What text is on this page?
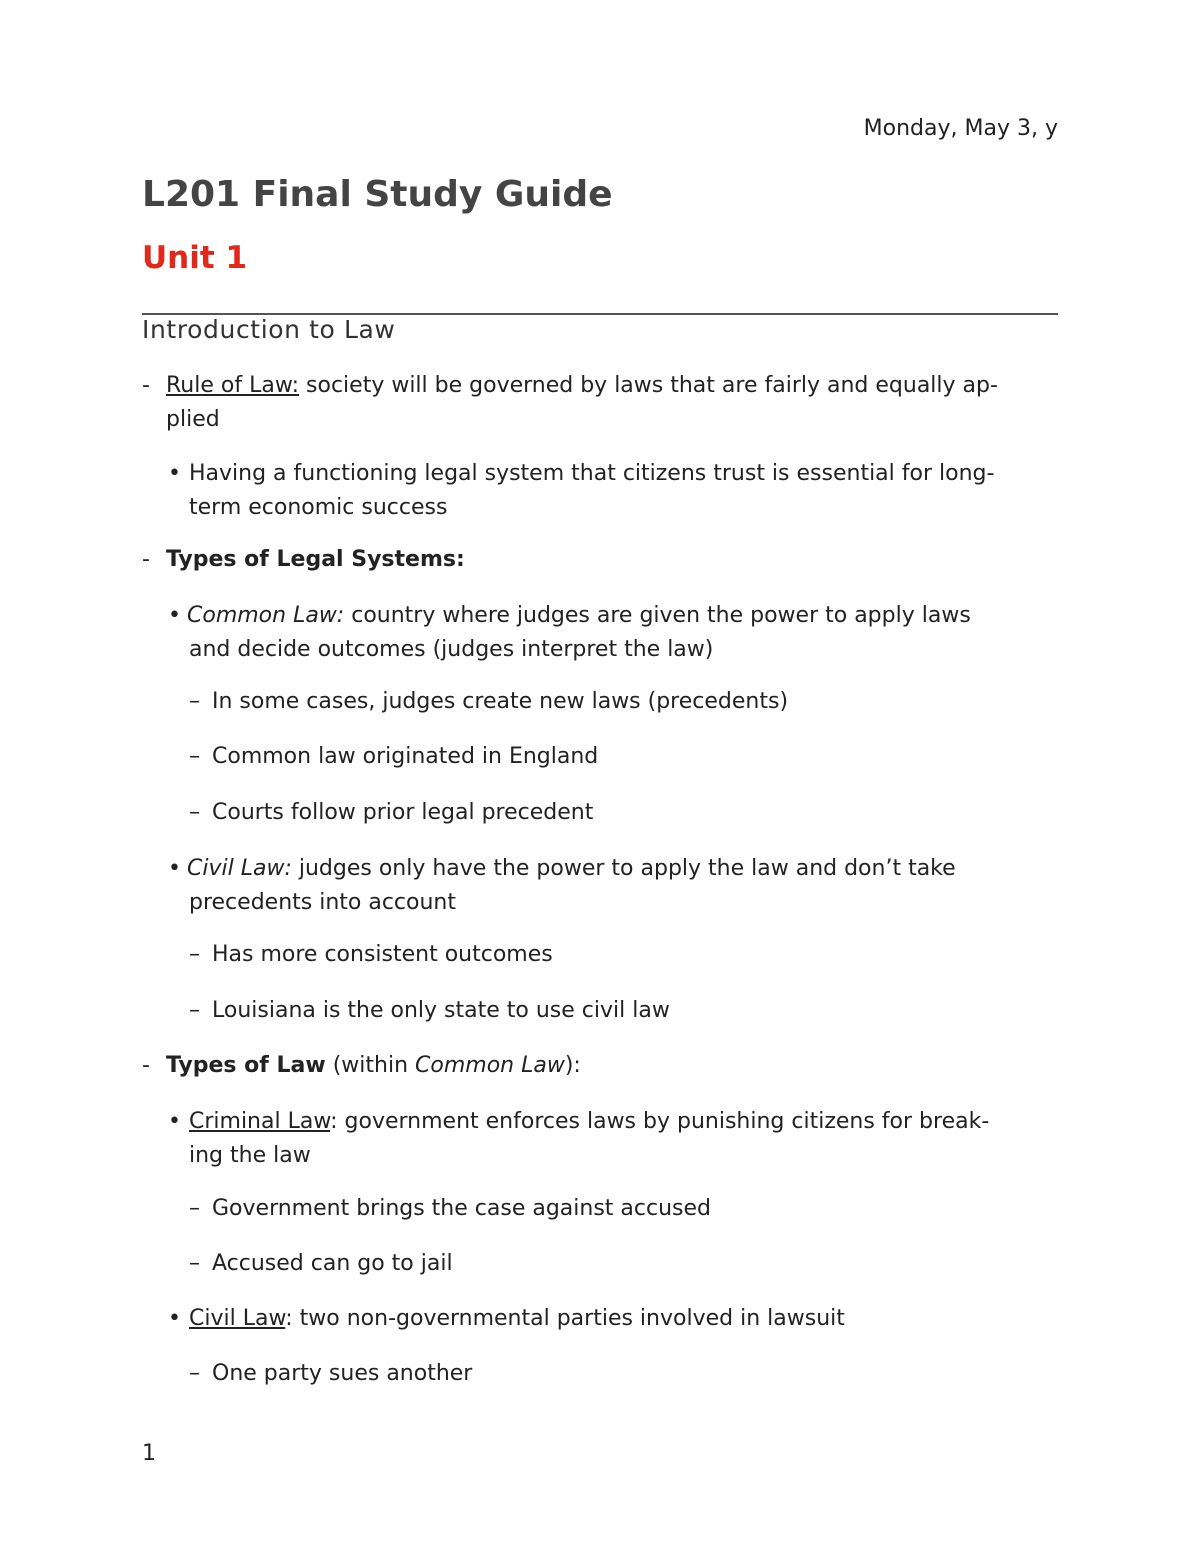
Monday, May 3, y
L201 Final Study Guide
Unit 1
Introduction to Law
- Rule of Law: society will be governed by laws that are fairly and equally ap-
plied
• Having a functioning legal system that citizens trust is essential for long-
term economic success
- Types of Legal Systems:
• Common Law: country where judges are given the power to apply laws
and decide outcomes (judges interpret the law)
– In some cases, judges create new laws (precedents)
– Common law originated in England
– Courts follow prior legal precedent
• Civil Law: judges only have the power to apply the law and don’t take
precedents into account
– Has more consistent outcomes
– Louisiana is the only state to use civil law
- Types of Law (within Common Law):
• Criminal Law: government enforces laws by punishing citizens for break-
ing the law
– Government brings the case against accused
– Accused can go to jail
• Civil Law: two non-governmental parties involved in lawsuit
– One party sues another
1
